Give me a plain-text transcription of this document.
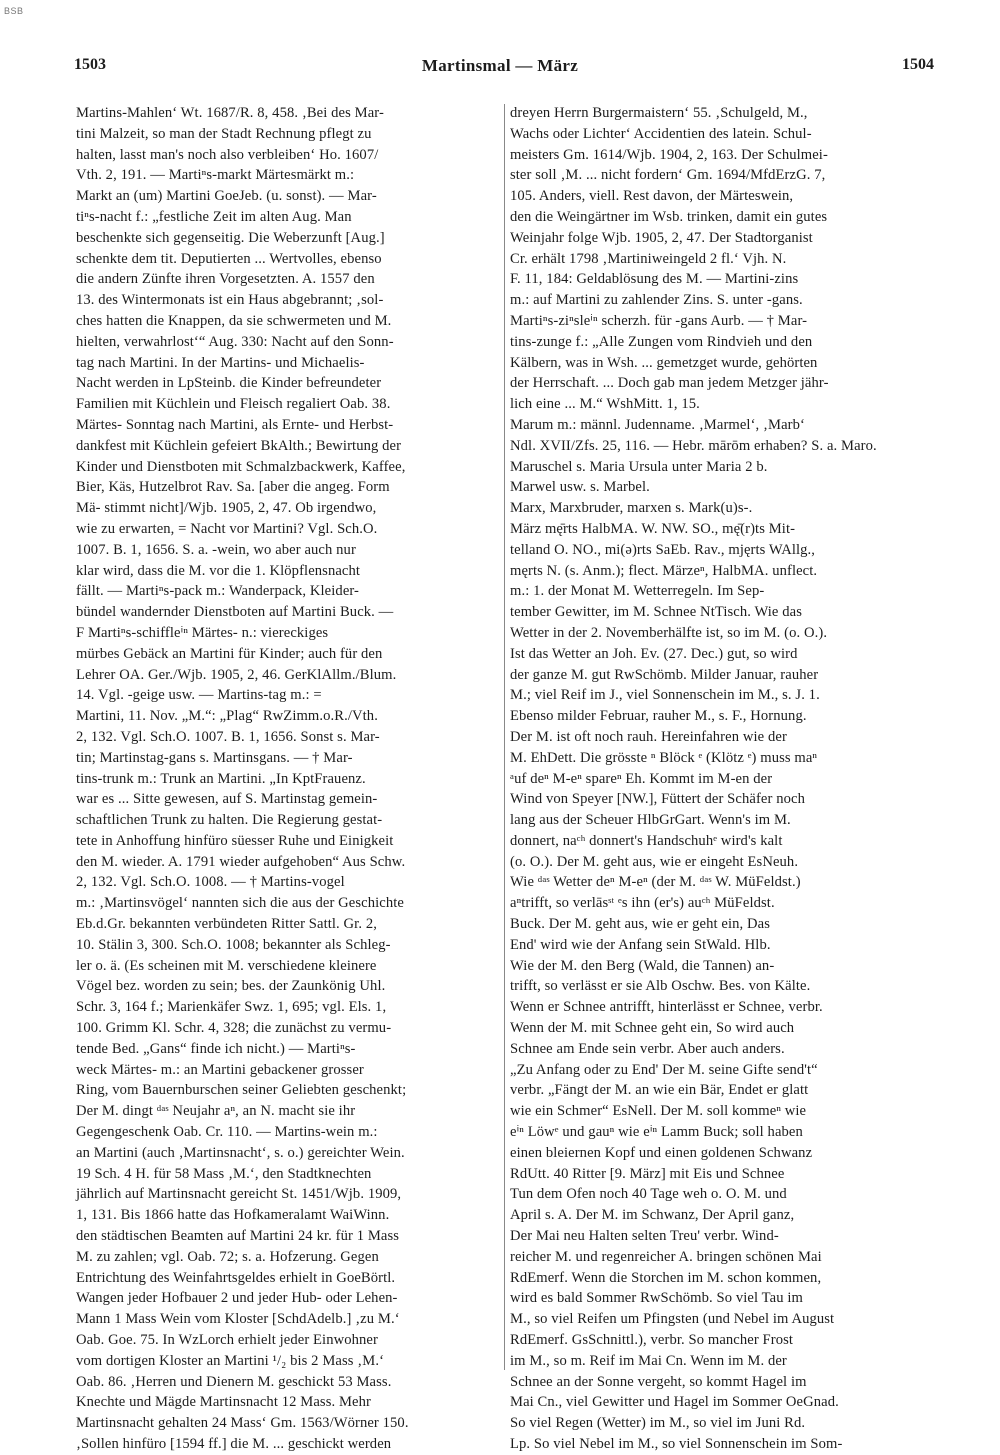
BSB
1503	Martinsmal — März	1504
Martins-Mahlen‘ Wt. 1687/R. 8, 458. ‚Bei des Mar-
tini Malzeit, so man der Stadt Rechnung pflegt zu
halten, lasst man's noch also verbleiben‘ Ho. 1607/
Vth. 2, 191. — Martiⁿs-markt Märtesmärkt m.:
Markt an (um) Martini GoeJeb. (u. sonst). — Mar-
tiⁿs-nacht f.: „festliche Zeit im alten Aug. Man
beschenkte sich gegenseitig. Die Weberzunft [Aug.]
schenkte dem tit. Deputierten ... Wertvolles, ebenso
die andern Zünfte ihren Vorgesetzten. A. 1557 den
13. des Wintermonats ist ein Haus abgebrannt; ‚sol-
ches hatten die Knappen, da sie schwermeten und M.
hielten, verwahrlost‘“ Aug. 330: Nacht auf den Sonn-
tag nach Martini. In der Martins- und Michaelis-
Nacht werden in LpSteinb. die Kinder befreundeter
Familien mit Küchlein und Fleisch regaliert Oab. 38.
Märtes- Sonntag nach Martini, als Ernte- und Herbst-
dankfest mit Küchlein gefeiert BkAlth.; Bewirtung der
Kinder und Dienstboten mit Schmalzbackwerk, Kaffee,
Bier, Käs, Hutzelbrot Rav. Sa. [aber die angeg. Form
Mä- stimmt nicht]/Wjb. 1905, 2, 47. Ob irgendwo,
wie zu erwarten, = Nacht vor Martini? Vgl. Sch.O.
1007. B. 1, 1656. S. a. -wein, wo aber auch nur
klar wird, dass die M. vor die 1. Klöpflensnacht
fällt. — Martiⁿs-pack m.: Wanderpack, Kleider-
bündel wandernder Dienstboten auf Martini Buck. —
F Martiⁿs-schiffleⁱⁿ Märtes- n.: viereckiges
mürbes Gebäck an Martini für Kinder; auch für den
Lehrer OA. Ger./Wjb. 1905, 2, 46. GerKlAllm./Blum.
14. Vgl. -geige usw. — Martins-tag m.: =
Martini, 11. Nov. „M.“: „Plag“ RwZimm.o.R./Vth.
2, 132. Vgl. Sch.O. 1007. B. 1, 1656. Sonst s. Mar-
tin; Martinstag-gans s. Martinsgans. — † Mar-
tins-trunk m.: Trunk an Martini. „In KptFrauenz.
war es ... Sitte gewesen, auf S. Martinstag gemein-
schaftlichen Trunk zu halten. Die Regierung gestat-
tete in Anhoffung hinfüro süesser Ruhe und Einigkeit
den M. wieder. A. 1791 wieder aufgehoben“ Aus Schw.
2, 132. Vgl. Sch.O. 1008. — † Martins-vogel
m.: ‚Martinsvögel‘ nannten sich die aus der Geschichte
Eb.d.Gr. bekannten verbündeten Ritter Sattl. Gr. 2,
10. Stälin 3, 300. Sch.O. 1008; bekannter als Schleg-
ler o. ä. (Es scheinen mit M. verschiedene kleinere
Vögel bez. worden zu sein; bes. der Zaunkönig Uhl.
Schr. 3, 164 f.; Marienkäfer Swz. 1, 695; vgl. Els. 1,
100. Grimm Kl. Schr. 4, 328; die zunächst zu vermu-
tende Bed. „Gans“ finde ich nicht.) — Martiⁿs-
weck Märtes- m.: an Martini gebackener grosser
Ring, vom Bauernburschen seiner Geliebten geschenkt;
Der M. dingt ᵈᵃˢ Neujahr aⁿ, an N. macht sie ihr
Gegengeschenk Oab. Cr. 110. — Martins-wein m.:
an Martini (auch ‚Martinsnacht‘, s. o.) gereichter Wein.
19 Sch. 4 H. für 58 Mass ‚M.‘, den Stadtknechten
jährlich auf Martinsnacht gereicht St. 1451/Wjb. 1909,
1, 131. Bis 1866 hatte das Hofkameralamt WaiWinn.
den städtischen Beamten auf Martini 24 kr. für 1 Mass
M. zu zahlen; vgl. Oab. 72; s. a. Hofzerung. Gegen
Entrichtung des Weinfahrtsgeldes erhielt in GoeBörtl.
Wangen jeder Hofbauer 2 und jeder Hub- oder Lehen-
Mann 1 Mass Wein vom Kloster [SchdAdelb.] ‚zu M.‘
Oab. Goe. 75. In WzLorch erhielt jeder Einwohner
vom dortigen Kloster an Martini ¹/₂ bis 2 Mass ‚M.‘
Oab. 86. ‚Herren und Dienern M. geschickt 53 Mass.
Knechte und Mägde Martinsnacht 12 Mass. Mehr
Martinsnacht gehalten 24 Mass‘ Gm. 1563/Wörner 150.
‚Sollen hinfüro [1594 ff.] die M. ... geschickt werden
dreyen Herrn Burgermaistern‘ 55. ‚Schulgeld, M.,
Wachs oder Lichter‘ Accidentien des latein. Schul-
meisters Gm. 1614/Wjb. 1904, 2, 163. Der Schulmei-
ster soll ‚M. ... nicht fordern‘ Gm. 1694/MfdErzG. 7,
105. Anders, viell. Rest davon, der Märteswein,
den die Weingärtner im Wsb. trinken, damit ein gutes
Weinjahr folge Wjb. 1905, 2, 47. Der Stadtorganist
Cr. erhält 1798 ‚Martiniweingeld 2 fl.‘ Vjh. N.
F. 11, 184: Geldablösung des M. — Martini-zins
m.: auf Martini zu zahlender Zins. S. unter -gans.
Martiⁿs-ziⁿsleⁱⁿ scherzh. für -gans Aurb. — † Mar-
tins-zunge f.: „Alle Zungen vom Rindvieh und den
Kälbern, was in Wsh. ... gemetzget wurde, gehörten
der Herrschaft. ... Doch gab man jedem Metzger jähr-
lich eine ... M.“ WshMitt. 1, 15.
Marum m.: männl. Judenname. ‚Marmel‘, ‚Marb‘
Ndl. XVII/Zfs. 25, 116. — Hebr. mārōm erhaben? S. a. Maro.
Maruschel s. Maria Ursula unter Maria 2 b.
Marwel usw. s. Marbel.
Marx, Marxbruder, marxen s. Mark(u)s-.
März mę̄rts HalbMA. W. NW. SO., mę̄(r)ts Mit-
telland O. NO., mi(ə)rts SaEb. Rav., mjęrts WAllg.,
męrts N. (s. Anm.); flect. Märzeⁿ, HalbMA. unflect.
m.: 1. der Monat M. Wetterregeln. Im Sep-
tember Gewitter, im M. Schnee NtTisch. Wie das
Wetter in der 2. Novemberhälfte ist, so im M. (o. O.).
Ist das Wetter an Joh. Ev. (27. Dec.) gut, so wird
der ganze M. gut RwSchömb. Milder Januar, rauher
M.; viel Reif im J., viel Sonnenschein im M., s. J. 1.
Ebenso milder Februar, rauher M., s. F., Hornung.
Der M. ist oft noch rauh. Hereinfahren wie der
M. EhDett. Die grösste ⁿ Blöck ᵉ (Klötz ᵉ) muss maⁿ
ᵃuf deⁿ M-eⁿ spareⁿ Eh. Kommt im M-en der
Wind von Speyer [NW.], Füttert der Schäfer noch
lang aus der Scheuer HlbGrGart. Wenn's im M.
donnert, naᶜʰ donnert's Handschuhᵉ wird's kalt
(o. O.). Der M. geht aus, wie er eingeht EsNeuh.
Wie ᵈᵃˢ Wetter deⁿ M-eⁿ (der M. ᵈᵃˢ W. MüFeldst.)
aⁿtrifft, so verlāsˢᵗ ᵉs ihn (er's) auᶜʰ MüFeldst.
Buck. Der M. geht aus, wie er geht ein, Das
End' wird wie der Anfang sein StWald. Hlb.
Wie der M. den Berg (Wald, die Tannen) an-
trifft, so verlässt er sie Alb Oschw. Bes. von Kälte.
Wenn er Schnee antrifft, hinterlässt er Schnee, verbr.
Wenn der M. mit Schnee geht ein, So wird auch
Schnee am Ende sein verbr. Aber auch anders.
„Zu Anfang oder zu End' Der M. seine Gifte send't“
verbr. „Fängt der M. an wie ein Bär, Endet er glatt
wie ein Schmer“ EsNell. Der M. soll kommeⁿ wie
eⁱⁿ Löwᵉ und gauⁿ wie eⁱⁿ Lamm Buck; soll haben
einen bleiernen Kopf und einen goldenen Schwanz
RdUtt. 40 Ritter [9. März] mit Eis und Schnee
Tun dem Ofen noch 40 Tage weh o. O. M. und
April s. A. Der M. im Schwanz, Der April ganz,
Der Mai neu Halten selten Treu' verbr. Wind-
reicher M. und regenreicher A. bringen schönen Mai
RdEmerf. Wenn die Storchen im M. schon kommen,
wird es bald Sommer RwSchömb. So viel Tau im
M., so viel Reifen um Pfingsten (und Nebel im August
RdEmerf. GsSchnittl.), verbr. So mancher Frost
im M., so m. Reif im Mai Cn. Wenn im M. der
Schnee an der Sonne vergeht, so kommt Hagel im
Mai Cn., viel Gewitter und Hagel im Sommer OeGnad.
So viel Regen (Wetter) im M., so viel im Juni Rd.
Lp. So viel Nebel im M., so viel Sonnenschein im Som-
